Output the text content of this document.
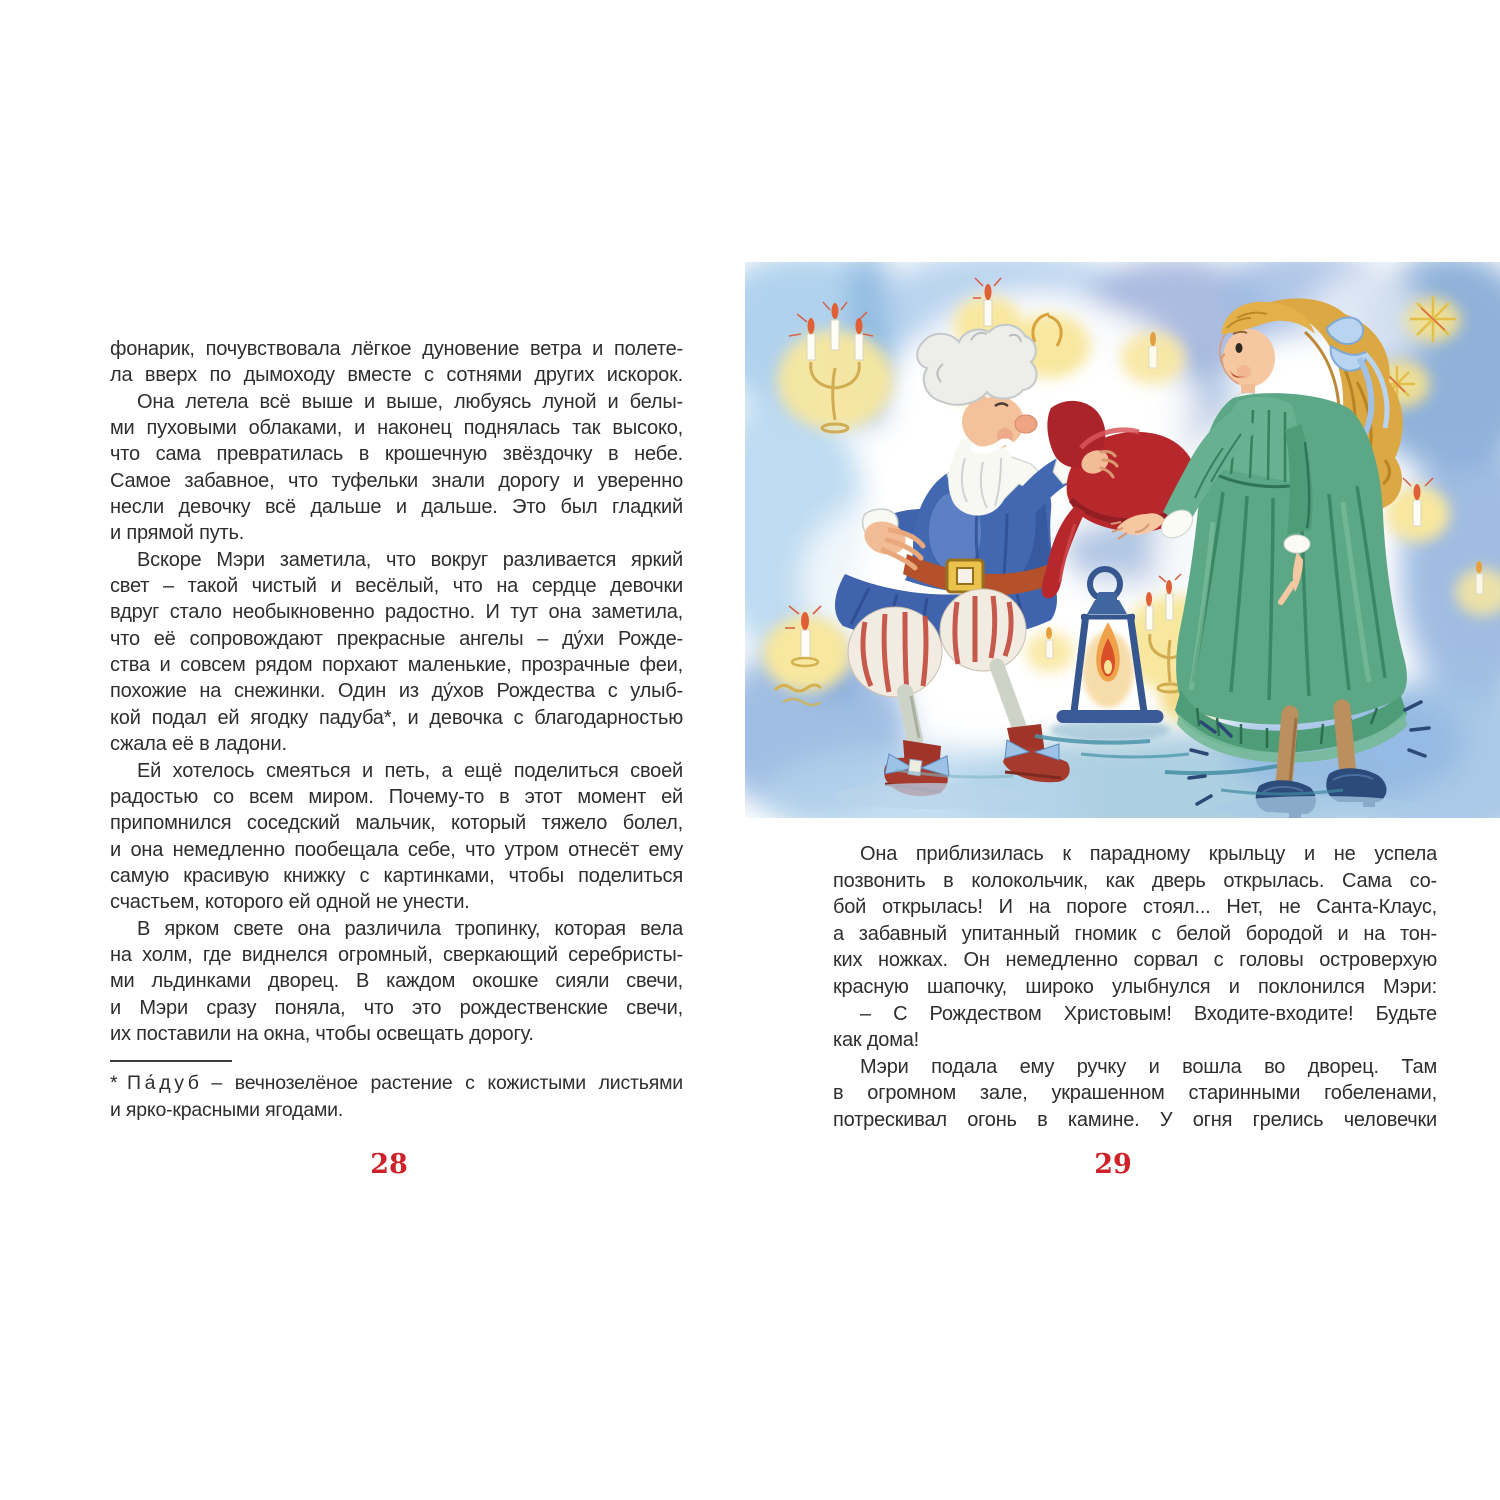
фонарик, почувствовала лёгкое дуновение ветра и полете-
ла вверх по дымоходу вместе с сотнями других искорок.
Она летела всё выше и выше, любуясь луной и белы-
ми пуховыми облаками, и наконец поднялась так высоко,
что сама превратилась в крошечную звёздочку в небе.
Самое забавное, что туфельки знали дорогу и уверенно
несли девочку всё дальше и дальше. Это был гладкий
и прямой путь.
Вскоре Мэри заметила, что вокруг разливается яркий
свет – такой чистый и весёлый, что на сердце девочки
вдруг стало необыкновенно радостно. И тут она заметила,
что её сопровождают прекрасные ангелы – ду́хи Рожде-
ства и совсем рядом порхают маленькие, прозрачные феи,
похожие на снежинки. Один из ду́хов Рождества с улыб-
кой подал ей ягодку падуба*, и девочка с благодарностью
сжала её в ладони.
Ей хотелось смеяться и петь, а ещё поделиться своей
радостью со всем миром. Почему-то в этот момент ей
припомнился соседский мальчик, который тяжело болел,
и она немедленно пообещала себе, что утром отнесёт ему
самую красивую книжку с картинками, чтобы поделиться
счастьем, которого ей одной не унести.
В ярком свете она различила тропинку, которая вела
на холм, где виднелся огромный, сверкающий серебристы-
ми льдинками дворец. В каждом окошке сияли свечи,
и Мэри сразу поняла, что это рождественские свечи,
их поставили на окна, чтобы освещать дорогу.
* П а́ д у б – вечнозелёное растение с кожистыми листьями
и ярко-красными ягодами.
28
Она приблизилась к парадному крыльцу и не успела
позвонить в колокольчик, как дверь открылась. Сама со-
бой открылась! И на пороге стоял... Нет, не Санта-Клаус,
а забавный упитанный гномик с белой бородой и на тон-
ких ножках. Он немедленно сорвал с головы островерхую
красную шапочку, широко улыбнулся и поклонился Мэри:
– С Рождеством Христовым! Входите-входите! Будьте
как дома!
Мэри подала ему ручку и вошла во дворец. Там
в огромном зале, украшенном старинными гобеленами,
потрескивал огонь в камине. У огня грелись человечки
29
